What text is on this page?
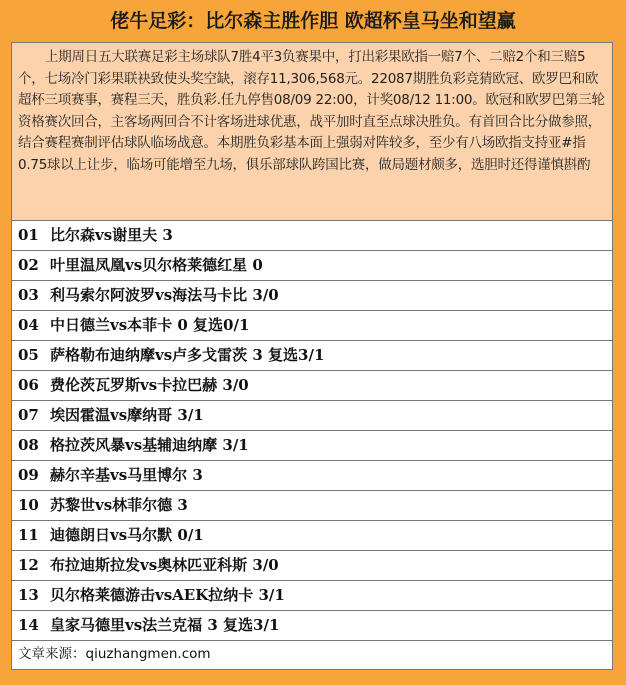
佬牛足彩：比尔森主胜作胆 欧超杯皇马坐和望赢
上期周日五大联赛足彩主场球队7胜4平3负赛果中，打出彩果欧指一赔7个、二赔2个和三赔5个，七场冷门彩果联袂致使头奖空缺，滚存11,306,568元。22087期胜负彩竞猜欧冠、欧罗巴和欧超杯三项赛事，赛程三天，胜负彩.任九停售08/09 22:00，计奖08/12 11:00。欧冠和欧罗巴第三轮资格赛次回合，主客场两回合不计客场进球优惠，战平加时直至点球决胜负。有首回合比分做参照，结合赛程赛制评估球队临场战意。本期胜负彩基本面上强弱对阵较多，至少有八场欧指支持亚#指0.75球以上让步，临场可能增至九场，俱乐部球队跨国比赛，做局题材颇多，选胆时还得谨慎斟酌
01 比尔森vs谢里夫 3
02 叶里温凤凰vs贝尔格莱德红星 0
03 利马索尔阿波罗vs海法马卡比 3/0
04 中日德兰vs本菲卡 0 复选0/1
05 萨格勒布迪纳摩vs卢多戈雷茨 3 复选3/1
06 费伦茨瓦罗斯vs卡拉巴赫 3/0
07 埃因霍温vs摩纳哥 3/1
08 格拉茨风暴vs基辅迪纳摩 3/1
09 赫尔辛基vs马里博尔 3
10 苏黎世vs林菲尔德 3
11 迪德朗日vs马尔默 0/1
12 布拉迪斯拉发vs奥林匹亚科斯 3/0
13 贝尔格莱德游击vsAEK拉纳卡 3/1
14 皇家马德里vs法兰克福 3 复选3/1
文章来源：qiuzhangmen.com
